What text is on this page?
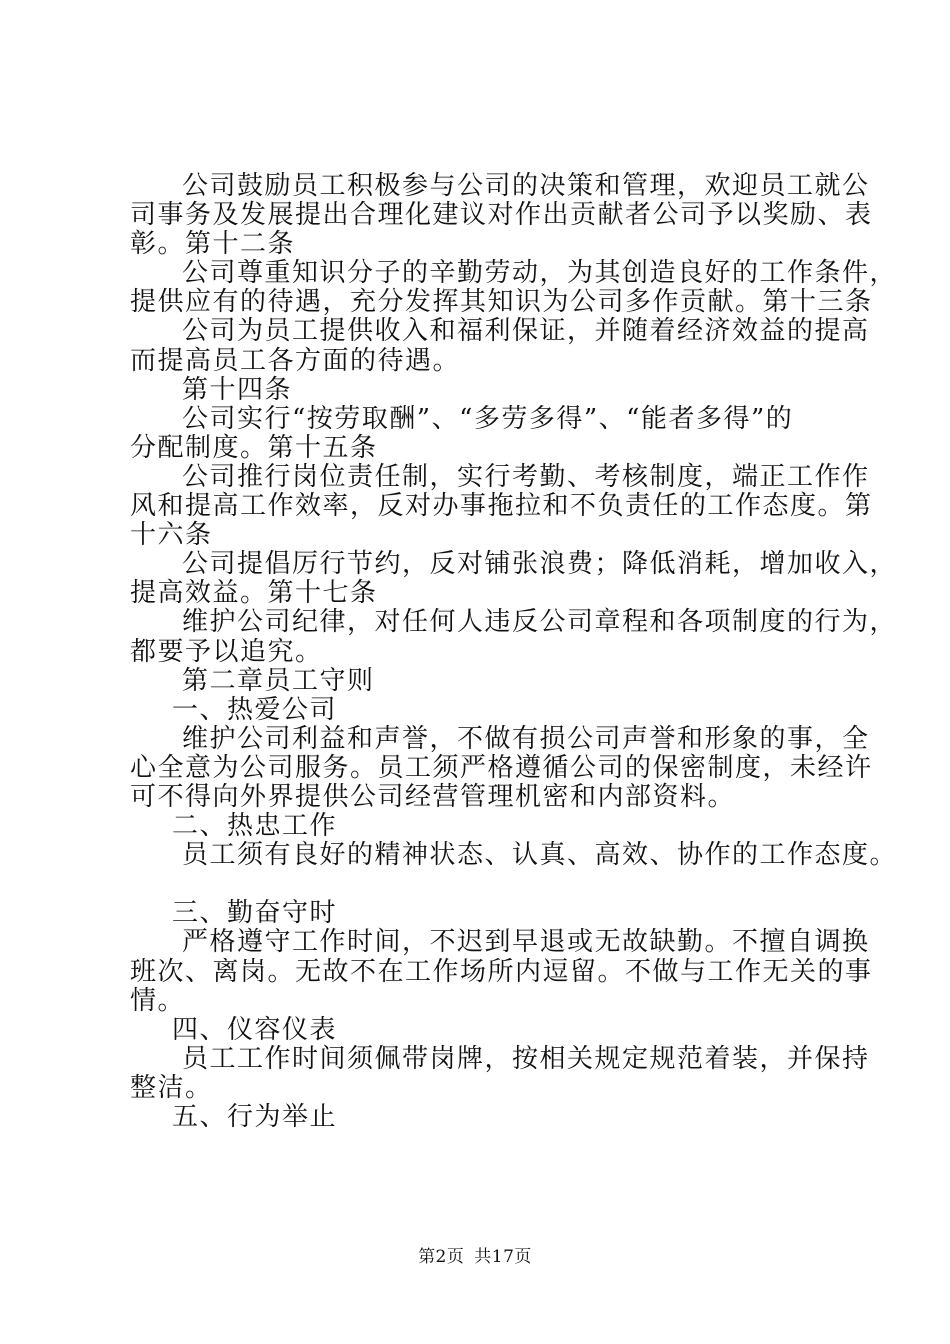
公司鼓励员工积极参与公司的决策和管理，欢迎员工就公
司事务及发展提出合理化建议对作出贡献者公司予以奖励、表
彰。第十二条
公司尊重知识分子的辛勤劳动，为其创造良好的工作条件，
提供应有的待遇，充分发挥其知识为公司多作贡献。第十三条
公司为员工提供收入和福利保证，并随着经济效益的提高
而提高员工各方面的待遇。
第十四条
公司实行“按劳取酬”、“多劳多得”、“能者多得”的
分配制度。第十五条
公司推行岗位责任制，实行考勤、考核制度，端正工作作
风和提高工作效率，反对办事拖拉和不负责任的工作态度。第
十六条
公司提倡厉行节约，反对铺张浪费；降低消耗，增加收入，
提高效益。第十七条
维护公司纪律，对任何人违反公司章程和各项制度的行为，
都要予以追究。
第二章员工守则
一、热爱公司
维护公司利益和声誉，不做有损公司声誉和形象的事，全
心全意为公司服务。员工须严格遵循公司的保密制度，未经许
可不得向外界提供公司经营管理机密和内部资料。
二、热忠工作
员工须有良好的精神状态、认真、高效、协作的工作态度。
三、勤奋守时
严格遵守工作时间，不迟到早退或无故缺勤。不擅自调换
班次、离岗。无故不在工作场所内逗留。不做与工作无关的事
情。
四、仪容仪表
员工工作时间须佩带岗牌，按相关规定规范着装，并保持
整洁。
五、行为举止
第2页 共17页
